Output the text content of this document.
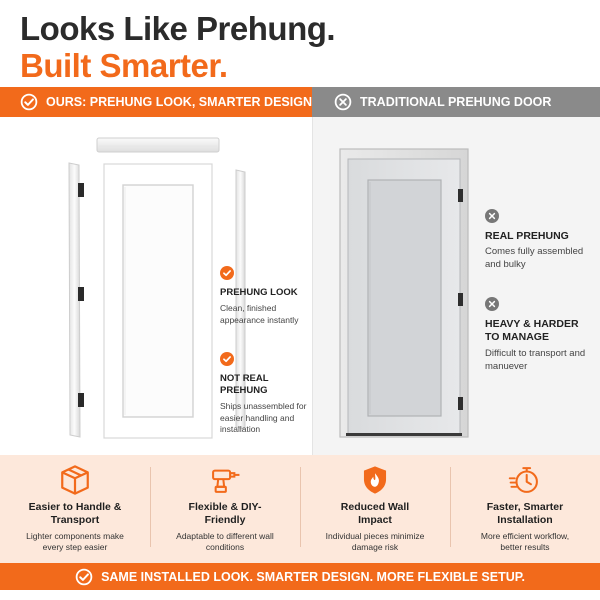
Looks Like Prehung.
Built Smarter.
OURS: PREHUNG LOOK, SMARTER DESIGN	TRADITIONAL PREHUNG DOOR
PREHUNG LOOK
Clean, finished appearance instantly
NOT REAL PREHUNG
Ships unassembled for easier handling and installation
REAL PREHUNG
Comes fully assembled and bulky
HEAVY & HARDER TO MANAGE
Difficult to transport and manuever
Easier to Handle & Transport
Lighter components make every step easier
Flexible & DIY-Friendly
Adaptable to different wall conditions
Reduced Wall Impact
Individual pieces minimize damage risk
Faster, Smarter Installation
More efficient workflow, better results
SAME INSTALLED LOOK. SMARTER DESIGN. MORE FLEXIBLE SETUP.
